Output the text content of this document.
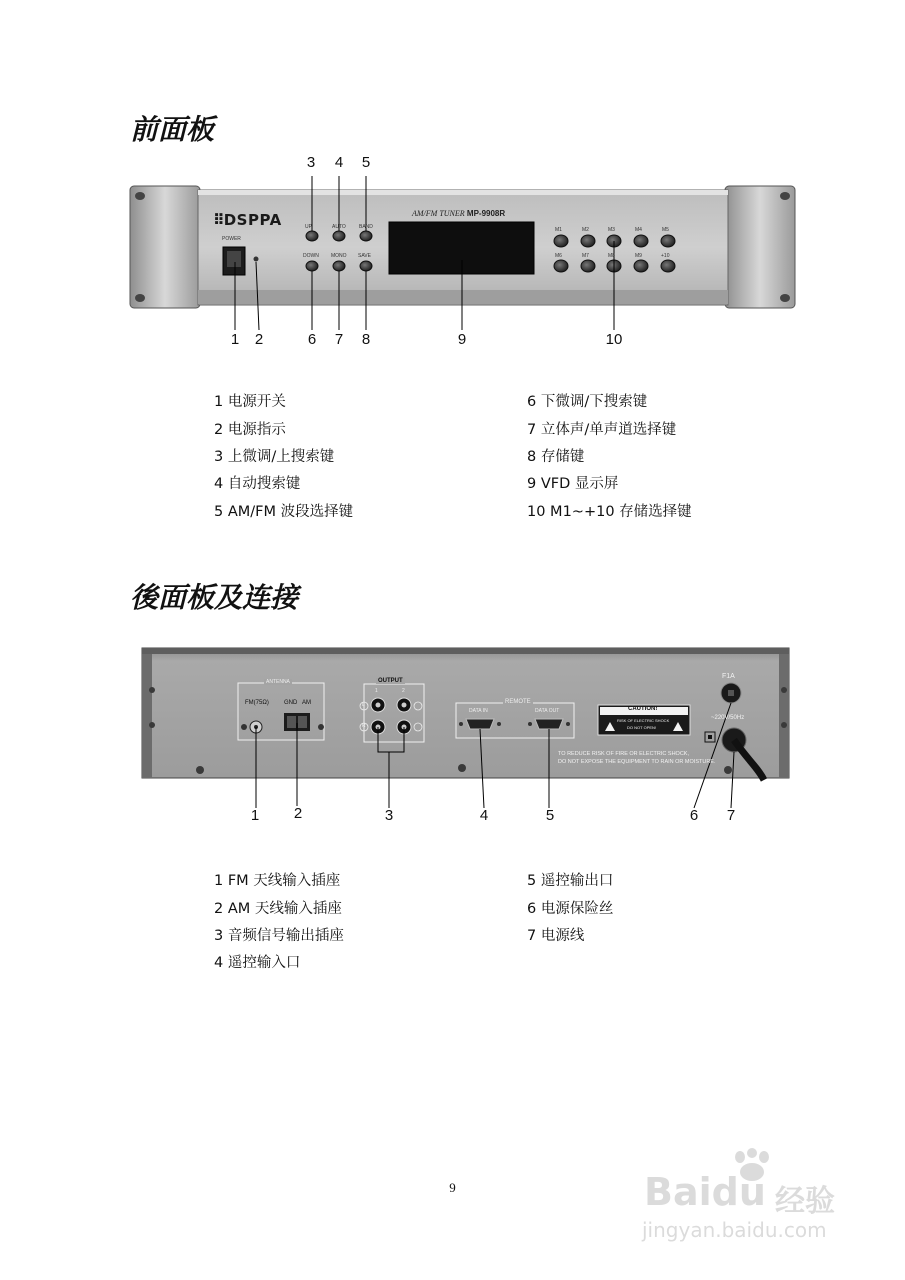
前面板
3	4	5
⠿DSPPA	AM/FM TUNER MP-9908R
POWER
UP	AUTO	BAND
DOWN MONO SAVE
M1	M2	M3	M4	M5
M6	M7	M8	M9	+10
1	2	6	7	8	9	10
1 电源开关
2 电源指示
3 上微调/上搜索键
4 自动搜索键
5 AM/FM 波段选择键
6 下微调/下搜索键
7 立体声/单声道选择键
8 存储键
9 VFD 显示屏
10 M1~+10 存储选择键
後面板及连接
ANTENNA
FM(75Ω)	GND AM
OUTPUT
1	2
L
R
REMOTE
DATA IN	DATA OUT	CAUTION!
RISK OF ELECTRIC SHOCK
DO NOT OPEN!
TO REDUCE RISK OF FIRE OR ELECTRIC SHOCK,
DO NOT EXPOSE THE EQUIPMENT TO RAIN OR MOISTURE.
F1A
~220V/50Hz
1	2	3	4	5	6	7
1 FM 天线输入插座
2 AM 天线输入插座
3 音频信号输出插座
4 遥控输入口
5 遥控输出口
6 电源保险丝
7 电源线
9	Baidu 经验
jingyan.baidu.com
